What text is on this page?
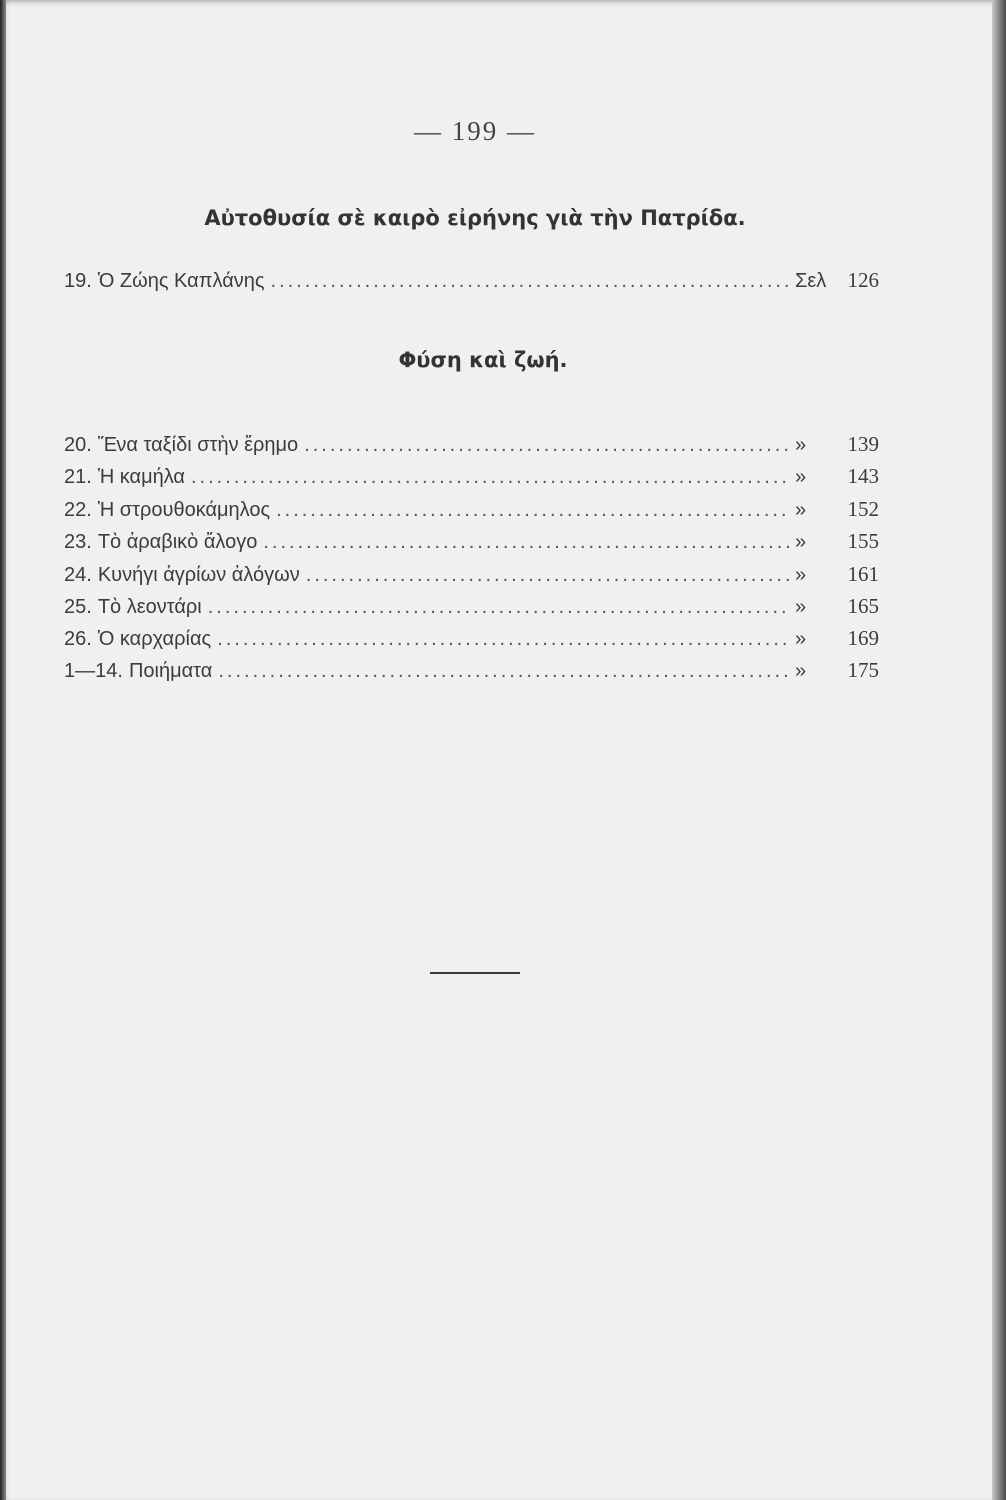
— 199 —
Αὐτοθυσία σὲ καιρὸ εἰρήνης γιὰ τὴν Πατρίδα.
19. Ὁ Ζώης Καπλάνης .....	Σελ	126
Φύση καὶ ζωή.
20. Ἕνα ταξίδι στὴν ἔρημο .....	»	139
21. Ἡ καμήλα .....	»	143
22. Ἡ στρουθοκάμηλος .....	»	152
23. Τὸ ἀραβικὸ ἄλογο .....	»	155
24. Κυνήγι ἀγρίων ἀλόγων .....	»	161
25. Τὸ λεοντάρι .....	»	165
26. Ὁ καρχαρίας .....	»	169
1—14. Ποιήματα .....	»	175
